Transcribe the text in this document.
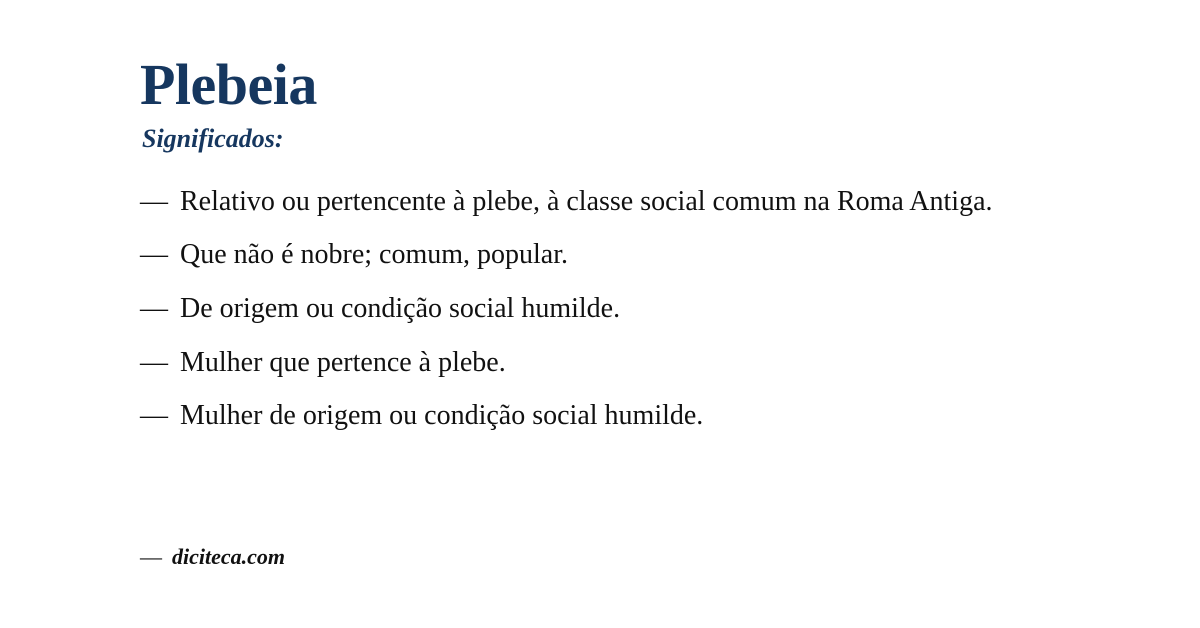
Plebeia
Significados:
— Relativo ou pertencente à plebe, à classe social comum na Roma Antiga.
— Que não é nobre; comum, popular.
— De origem ou condição social humilde.
— Mulher que pertence à plebe.
— Mulher de origem ou condição social humilde.
— diciteca.com
